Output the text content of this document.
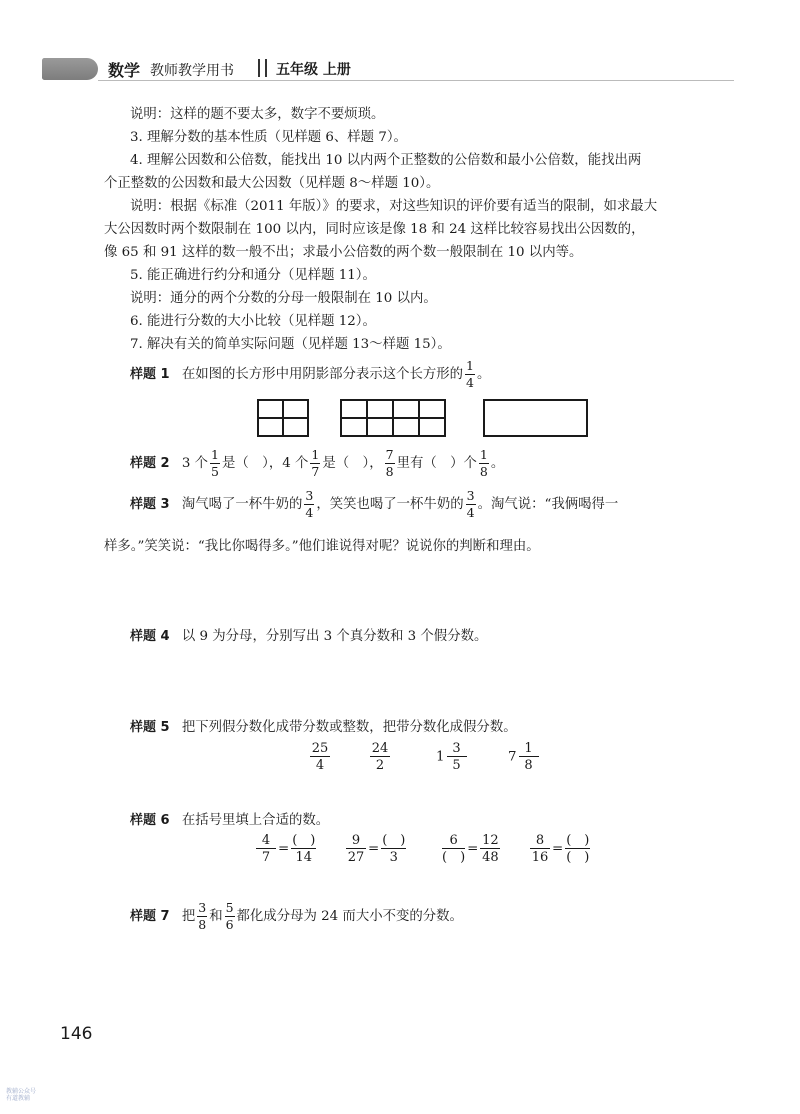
数学 教师教学用书	五年级 上册
说明：这样的题不要太多，数字不要烦琐。
3. 理解分数的基本性质（见样题 6、样题 7）。
4. 理解公因数和公倍数，能找出 10 以内两个正整数的公倍数和最小公倍数，能找出两
个正整数的公因数和最大公因数（见样题 8～样题 10）。
说明：根据《标准（2011 年版）》的要求，对这些知识的评价要有适当的限制，如求最大
大公因数时两个数限制在 100 以内，同时应该是像 18 和 24 这样比较容易找出公因数的，
像 65 和 91 这样的数一般不出；求最小公倍数的两个数一般限制在 10 以内等。
5. 能正确进行约分和通分（见样题 11）。
说明：通分的两个分数的分母一般限制在 10 以内。
6. 能进行分数的大小比较（见样题 12）。
7. 解决有关的简单实际问题（见样题 13～样题 15）。
样题 1 在如图的长方形中用阴影部分表示这个长方形的 $\frac{1}{4}$ 。
样题 2 3 个 $\frac{1}{5}$ 是（　），4 个 $\frac{1}{7}$ 是（　）， $\frac{7}{8}$ 里有（　）个 $\frac{1}{8}$ 。
样题 3 淘气喝了一杯牛奶的 $\frac{3}{4}$ ，笑笑也喝了一杯牛奶的 $\frac{3}{4}$ 。淘气说：“我俩喝得一
样多。”笑笑说：“我比你喝得多。”他们谁说得对呢？说说你的判断和理由。
样题 4 以 9 为分母，分别写出 3 个真分数和 3 个假分数。
样题 5 把下列假分数化成带分数或整数，把带分数化成假分数。
$\frac{25}{4}$	$\frac{24}{2}$	$1 \frac{3}{5}$	$7 \frac{1}{8}$
样题 6 在括号里填上合适的数。
$\frac{4}{7} = \frac{( )}{14} \frac{9}{27} = \frac{( )}{3}$	$\frac{6}{( )} = \frac{12}{48} \frac{8}{16} = \frac{( )}{( )}$
样题 7 把 $\frac{3}{8}$ 和 $\frac{5}{6}$ 都化成分母为 24 而大小不变的分数。
146
教辅公众号
有道教辅
